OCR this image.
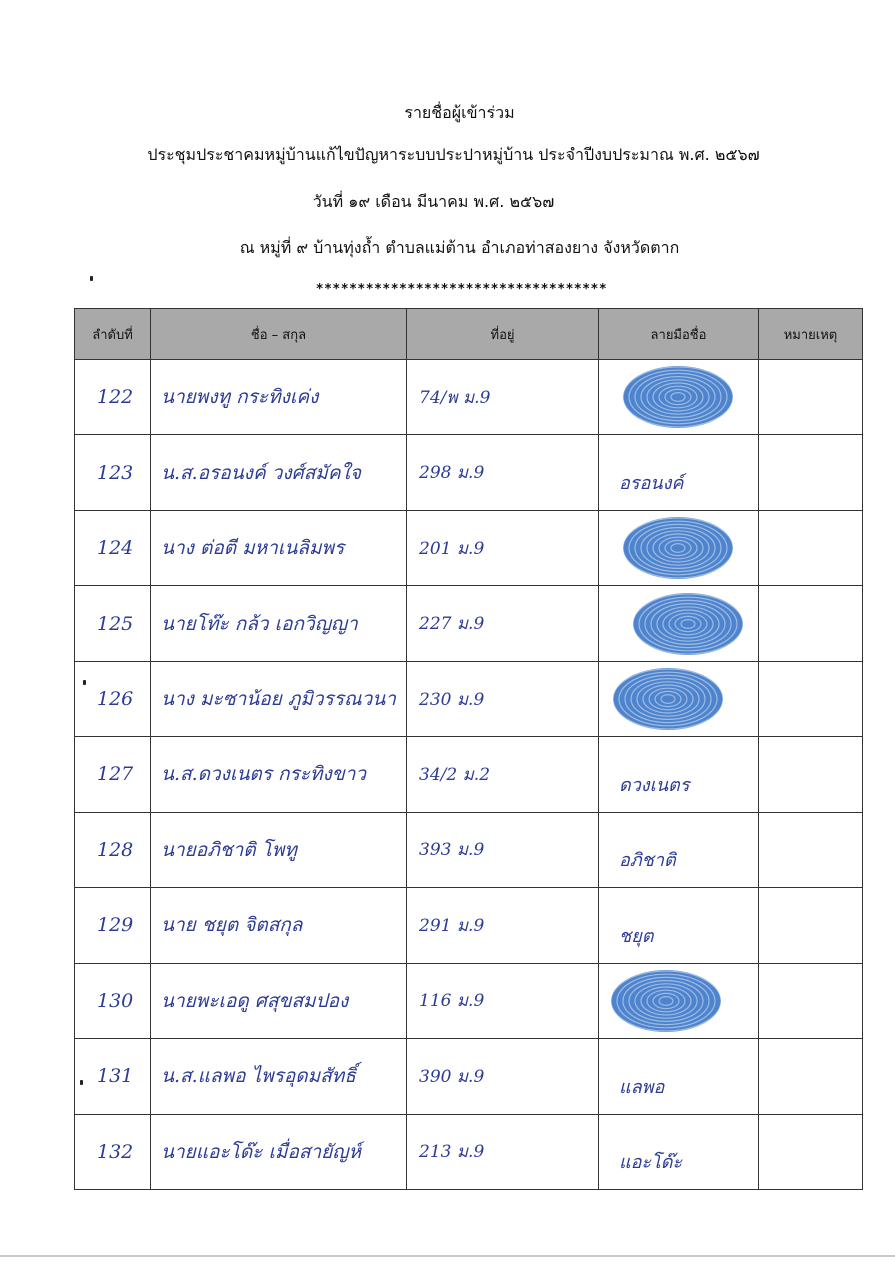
รายชื่อผู้เข้าร่วม
ประชุมประชาคมหมู่บ้านแก้ไขปัญหาระบบประปาหมู่บ้าน ประจำปีงบประมาณ พ.ศ. ๒๕๖๗
วันที่ ๑๙ เดือน มีนาคม พ.ศ. ๒๕๖๗
ณ หมู่ที่ ๙ บ้านทุ่งถ้ำ ตำบลแม่ต้าน อำเภอท่าสองยาง จังหวัดตาก
***********************************
ลำดับที่	ชื่อ – สกุล	ที่อยู่	ลายมือชื่อ	หมายเหตุ
122	นายพงทู กระทิงเค่ง	74/พ ม.9	

123	น.ส.อรอนงค์ วงศ์สมัคใจ	298 ม.9	อรอนงค์	
124	นาง ต่อตี มหาเนลิมพร	201 ม.9	

125	นายโท๊ะ กล้ว เอกวิญญา	227 ม.9	

126	นาง มะซาน้อย ภูมิวรรณวนา	230 ม.9	

127	น.ส.ดวงเนตร กระทิงขาว	34/2 ม.2	ดวงเนตร	
128	นายอภิชาติ โพทู	393 ม.9	อภิชาติ	
129	นาย ชยุต จิตสกุล	291 ม.9	ชยุต	
130	นายพะเอดู ศสุขสมปอง	116 ม.9	

131	น.ส.แลพอ ไพรอุดมสัทธิ์	390 ม.9	แลพอ	
132	นายแอะโด๊ะ เมื่อสายัญห์	213 ม.9	แอะโด๊ะ	
